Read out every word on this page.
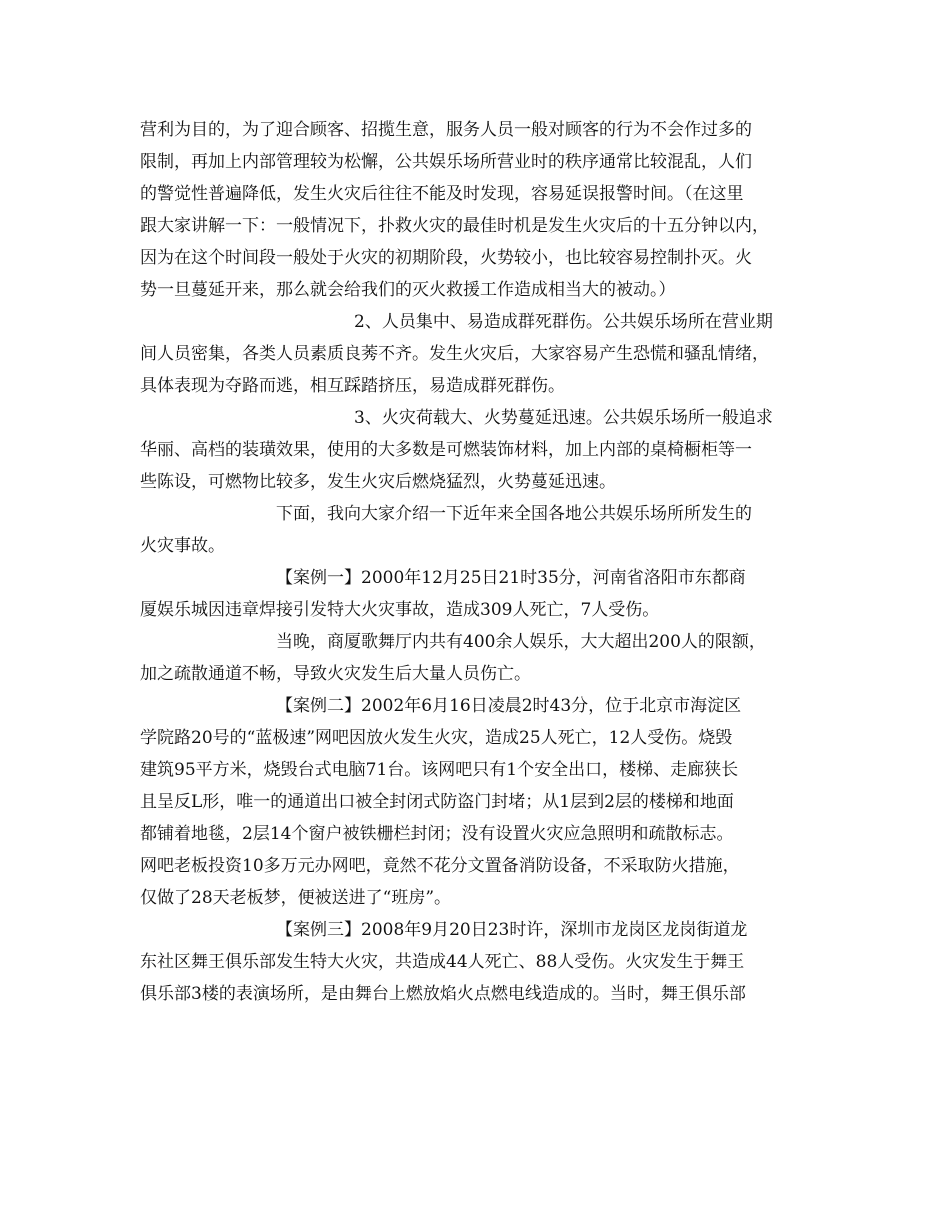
营利为目的，为了迎合顾客、招揽生意，服务人员一般对顾客的行为不会作过多的
限制，再加上内部管理较为松懈，公共娱乐场所营业时的秩序通常比较混乱，人们
的警觉性普遍降低，发生火灾后往往不能及时发现，容易延误报警时间。（在这里
跟大家讲解一下：一般情况下，扑救火灾的最佳时机是发生火灾后的十五分钟以内，
因为在这个时间段一般处于火灾的初期阶段，火势较小，也比较容易控制扑灭。火
势一旦蔓延开来，那么就会给我们的灭火救援工作造成相当大的被动。）
2、人员集中、易造成群死群伤。公共娱乐场所在营业期
间人员密集，各类人员素质良莠不齐。发生火灾后，大家容易产生恐慌和骚乱情绪，
具体表现为夺路而逃，相互踩踏挤压，易造成群死群伤。
3、火灾荷载大、火势蔓延迅速。公共娱乐场所一般追求
华丽、高档的装璜效果，使用的大多数是可燃装饰材料，加上内部的桌椅橱柜等一
些陈设，可燃物比较多，发生火灾后燃烧猛烈，火势蔓延迅速。
下面，我向大家介绍一下近年来全国各地公共娱乐场所所发生的
火灾事故。
【案例一】2000年12月25日21时35分，河南省洛阳市东都商
厦娱乐城因违章焊接引发特大火灾事故，造成309人死亡，7人受伤。
当晚，商厦歌舞厅内共有400余人娱乐，大大超出200人的限额，
加之疏散通道不畅，导致火灾发生后大量人员伤亡。
【案例二】2002年6月16日凌晨2时43分，位于北京市海淀区
学院路20号的“蓝极速”网吧因放火发生火灾，造成25人死亡，12人受伤。烧毁
建筑95平方米，烧毁台式电脑71台。该网吧只有1个安全出口，楼梯、走廊狭长
且呈反L形，唯一的通道出口被全封闭式防盗门封堵；从1层到2层的楼梯和地面
都铺着地毯，2层14个窗户被铁栅栏封闭；没有设置火灾应急照明和疏散标志。
网吧老板投资10多万元办网吧，竟然不花分文置备消防设备，不采取防火措施，
仅做了28天老板梦，便被送进了“班房”。
【案例三】2008年9月20日23时许，深圳市龙岗区龙岗街道龙
东社区舞王俱乐部发生特大火灾，共造成44人死亡、88人受伤。火灾发生于舞王
俱乐部3楼的表演场所，是由舞台上燃放焰火点燃电线造成的。当时，舞王俱乐部
